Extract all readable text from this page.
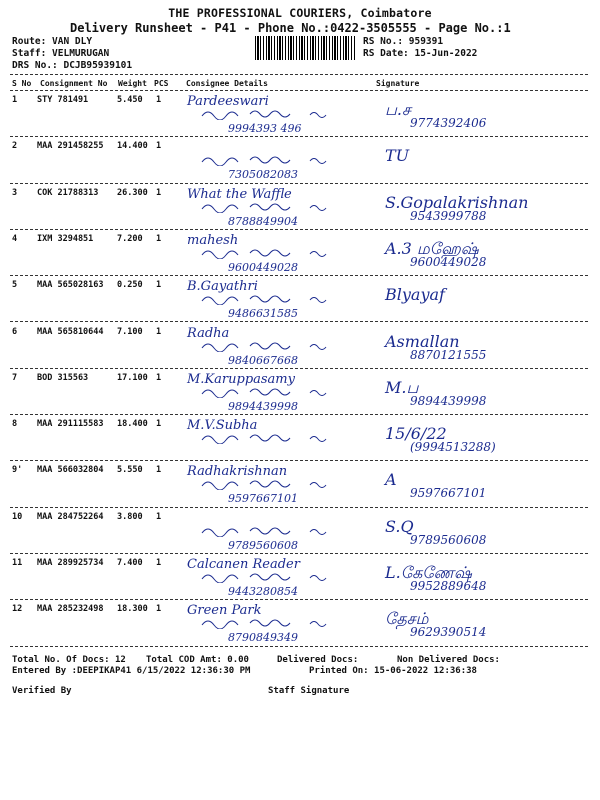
THE PROFESSIONAL COURIERS, Coimbatore
Delivery Runsheet - P41 - Phone No.:0422-3505555 - Page No.:1
Route: VAN DLY
Staff: VELMURUGAN
DRS No.: DCJB95939101
RS No.: 959391
RS Date: 15-Jun-2022
S No Consignment No Weight PCS Consignee Details	Signature
1 STY 781491	5.450 1 Pardeeswari
9994393 496
ப.ச
9774392406
2 MAA 291458255 14.400 1
7305082083
TU
3 COK 21788313 26.300 1 What the Waffle
8788849904
S.Gopalakrishnan
9543999788
4 IXM 3294851	7.200 1 mahesh
9600449028
A.3 மஹேஷ்
9600449028
5 MAA 565028163 0.250 1 B.Gayathri
9486631585
Blyayaf
6 MAA 565810644 7.100 1 Radha
9840667668
Asmallan
8870121555
7 BOD 315563	17.100 1 M.Karuppasamy
9894439998
M.ப
9894439998
8 MAA 291115583 18.400 1 M.V.Subha	15/6/22
(9994513288)
9' MAA 566032804 5.550 1 Radhakrishnan
9597667101
A
9597667101
10 MAA 284752264 3.800 1
9789560608
S.Q
9789560608
11 MAA 289925734 7.400 1 Calcanen Reader
9443280854
L.கேணேஷ்
9952889648
12 MAA 285232498 18.300 1 Green Park
8790849349
தேசம்
9629390514
Total No. Of Docs: 12 Total COD Amt: 0.00	Delivered Docs:	Non Delivered Docs:
Entered By :DEEPIKAP41 6/15/2022 12:36:30 PM	Printed On: 15-06-2022 12:36:38
Verified By	Staff Signature
